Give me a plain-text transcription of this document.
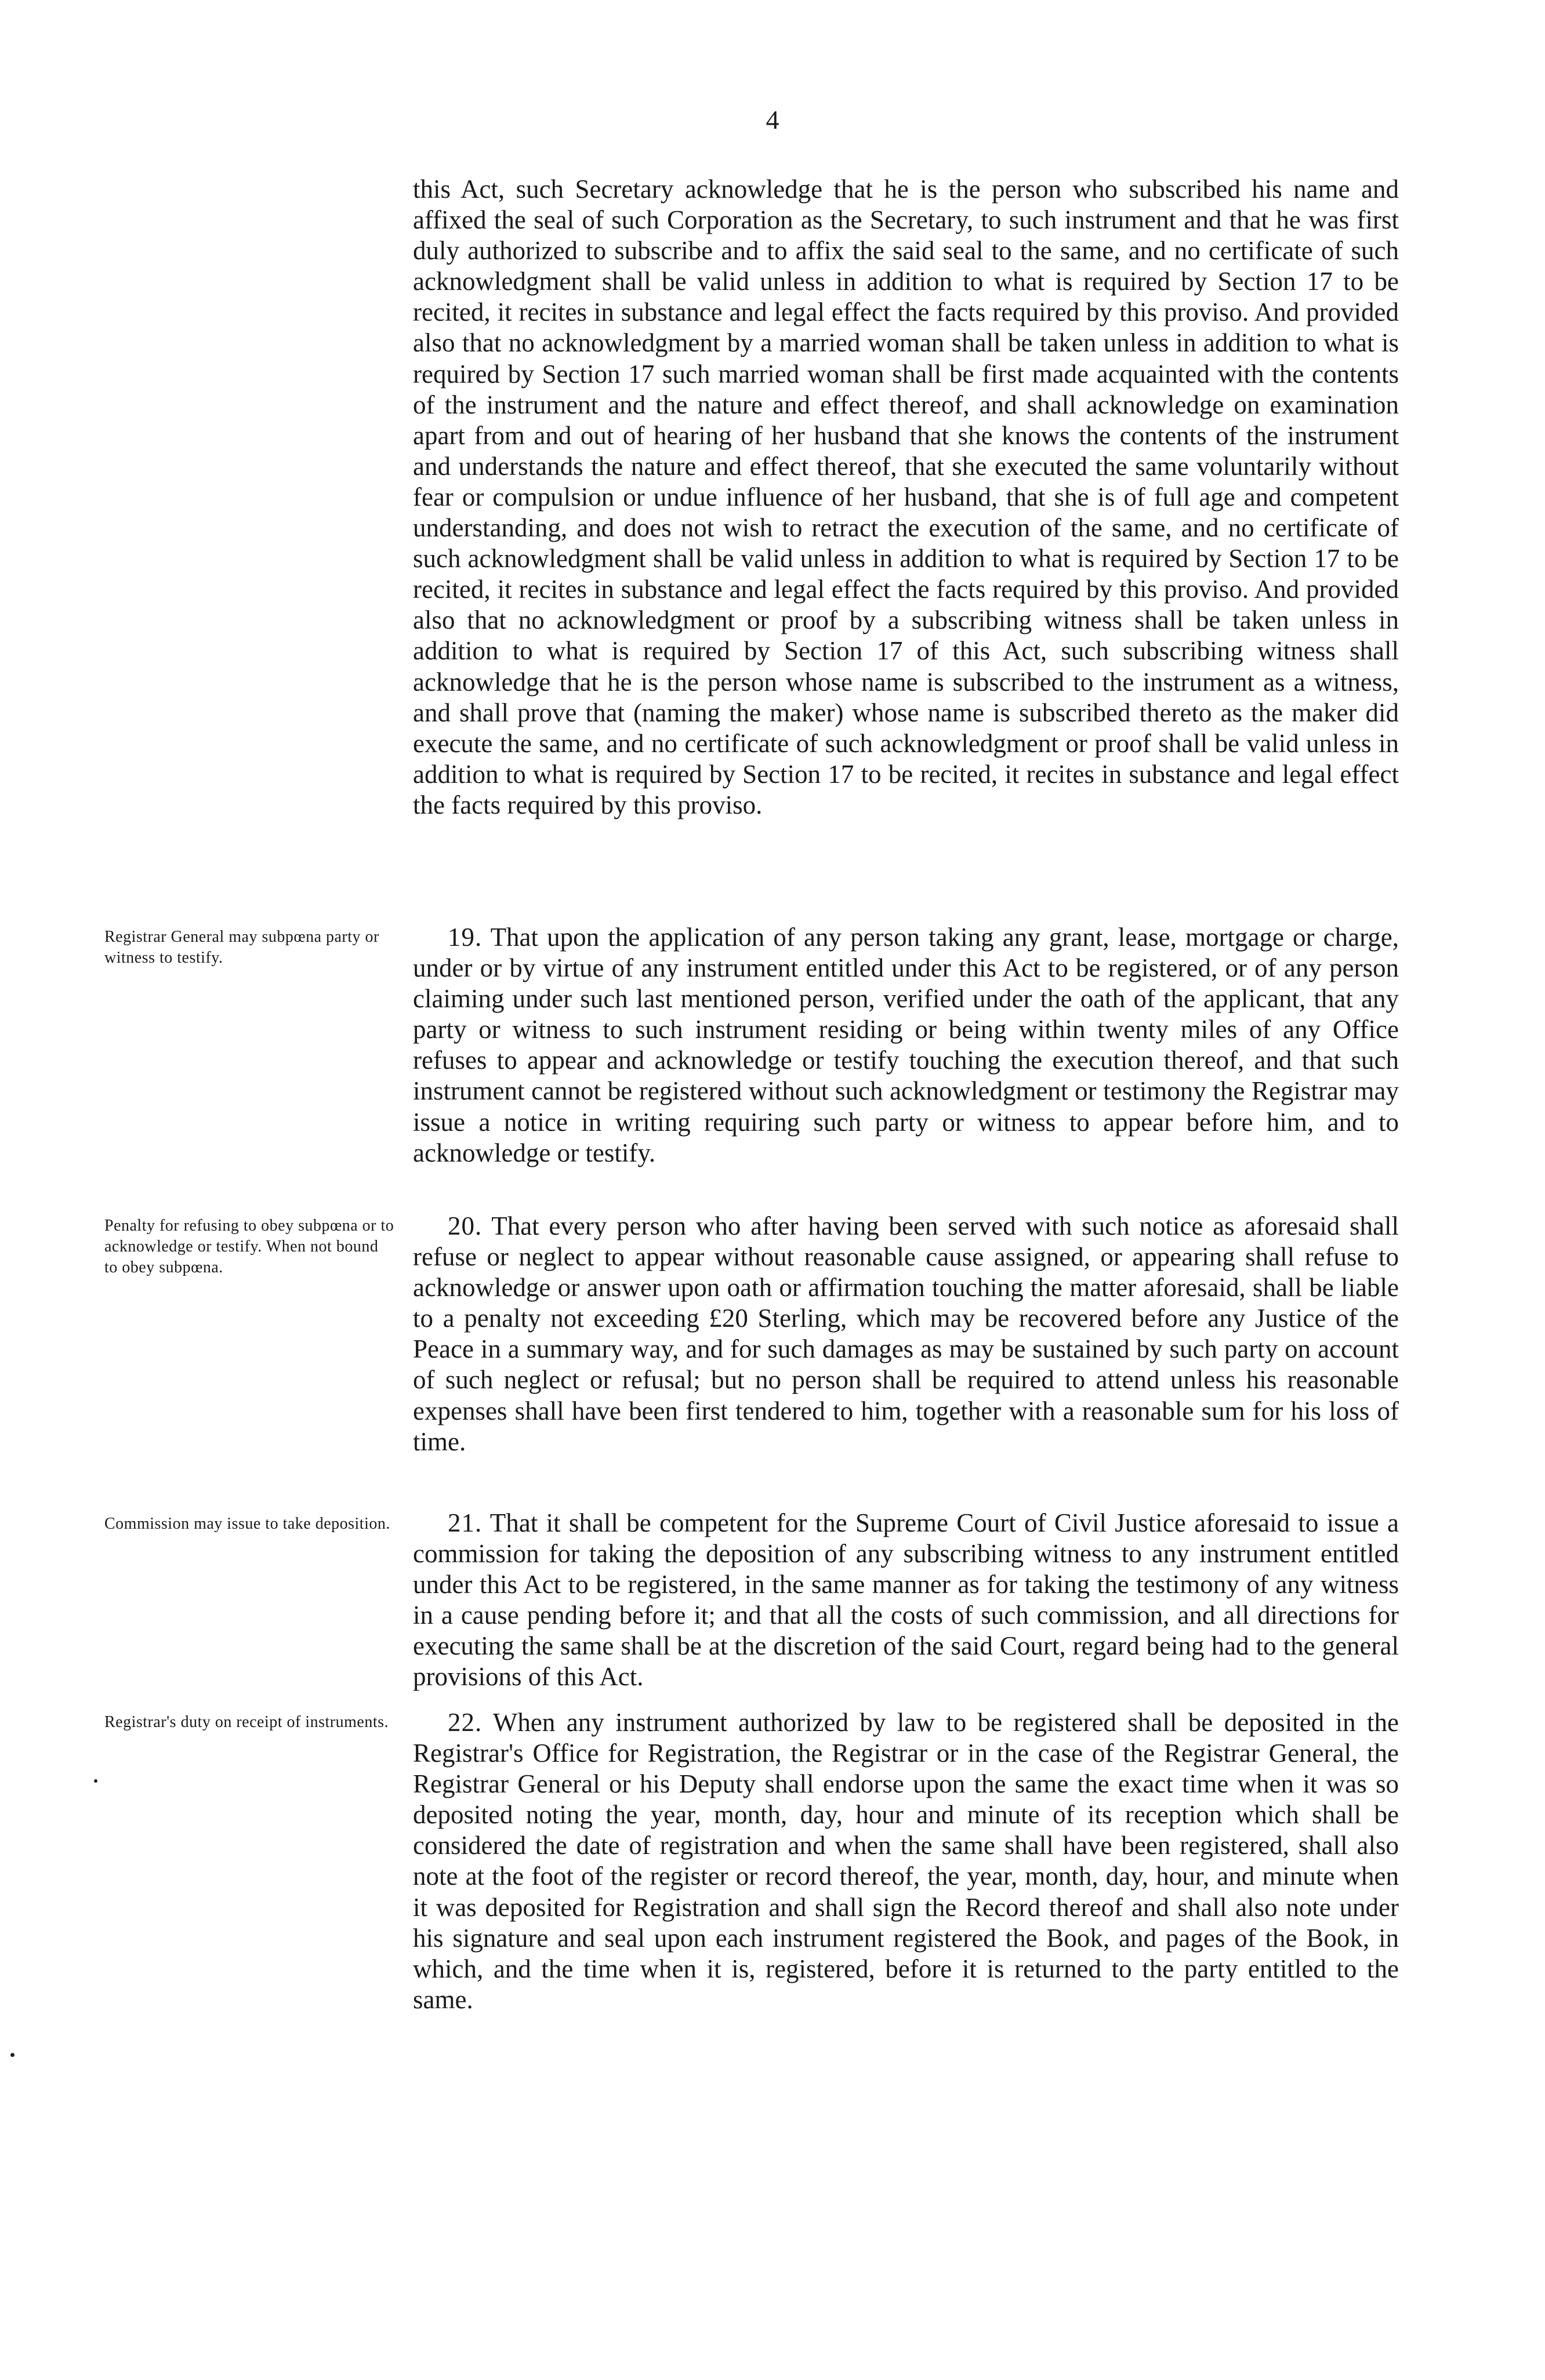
4

this Act, such Secretary acknowledge that he is the person who subscribed his name and affixed the seal of such Corporation as the Secretary, to such instrument and that he was first duly authorized to subscribe and to affix the said seal to the same, and no certificate of such acknowledgment shall be valid unless in addition to what is required by Section 17 to be recited, it recites in substance and legal effect the facts required by this proviso. And provided also that no acknowledgment by a married woman shall be taken unless in addition to what is required by Section 17 such married woman shall be first made acquainted with the contents of the instrument and the nature and effect thereof, and shall acknowledge on examination apart from and out of hearing of her husband that she knows the contents of the instrument and understands the nature and effect thereof, that she executed the same voluntarily without fear or compulsion or undue influence of her husband, that she is of full age and competent understanding, and does not wish to retract the execution of the same, and no certificate of such acknowledgment shall be valid unless in addition to what is required by Section 17 to be recited, it recites in substance and legal effect the facts required by this proviso. And provided also that no acknowledgment or proof by a subscribing witness shall be taken unless in addition to what is required by Section 17 of this Act, such subscribing witness shall acknowledge that he is the person whose name is subscribed to the instrument as a witness, and shall prove that (naming the maker) whose name is subscribed thereto as the maker did execute the same, and no certificate of such acknowledgment or proof shall be valid unless in addition to what is required by Section 17 to be recited, it recites in substance and legal effect the facts required by this proviso.

Registrar General may subpœna party or witness to testify.

19. That upon the application of any person taking any grant, lease, mortgage or charge, under or by virtue of any instrument entitled under this Act to be registered, or of any person claiming under such last mentioned person, verified under the oath of the applicant, that any party or witness to such instrument residing or being within twenty miles of any Office refuses to appear and acknowledge or testify touching the execution thereof, and that such instrument cannot be registered without such acknowledgment or testimony the Registrar may issue a notice in writing requiring such party or witness to appear before him, and to acknowledge or testify.

Penalty for refusing to obey subpœna or to acknowledge or testify. When not bound to obey subpœna.

20. That every person who after having been served with such notice as aforesaid shall refuse or neglect to appear without reasonable cause assigned, or appearing shall refuse to acknowledge or answer upon oath or affirmation touching the matter aforesaid, shall be liable to a penalty not exceeding £20 Sterling, which may be recovered before any Justice of the Peace in a summary way, and for such damages as may be sustained by such party on account of such neglect or refusal; but no person shall be required to attend unless his reasonable expenses shall have been first tendered to him, together with a reasonable sum for his loss of time.

Commission may issue to take deposition.	21. That it shall be competent for the Supreme Court of Civil Justice aforesaid to issue a commission for taking the deposition of any subscribing witness to any instrument entitled under this Act to be registered, in the same manner as for taking the testimony of any witness in a cause pending before it; and that all the costs of such commission, and all directions for executing the same shall be at the discretion of the said Court, regard being had to the general provisions of this Act.

Registrar's duty on receipt of instruments.	22. When any instrument authorized by law to be registered shall be deposited in the Registrar's Office for Registration, the Registrar or in the case of the Registrar General, the Registrar General or his Deputy shall endorse upon the same the exact time when it was so deposited noting the year, month, day, hour and minute of its reception which shall be considered the date of registration and when the same shall have been registered, shall also note at the foot of the register or record thereof, the year, month, day, hour, and minute when it was deposited for Registration and shall sign the Record thereof and shall also note under his signature and seal upon each instrument registered the Book, and pages of the Book, in which, and the time when it is, registered, before it is returned to the party entitled to the same.
